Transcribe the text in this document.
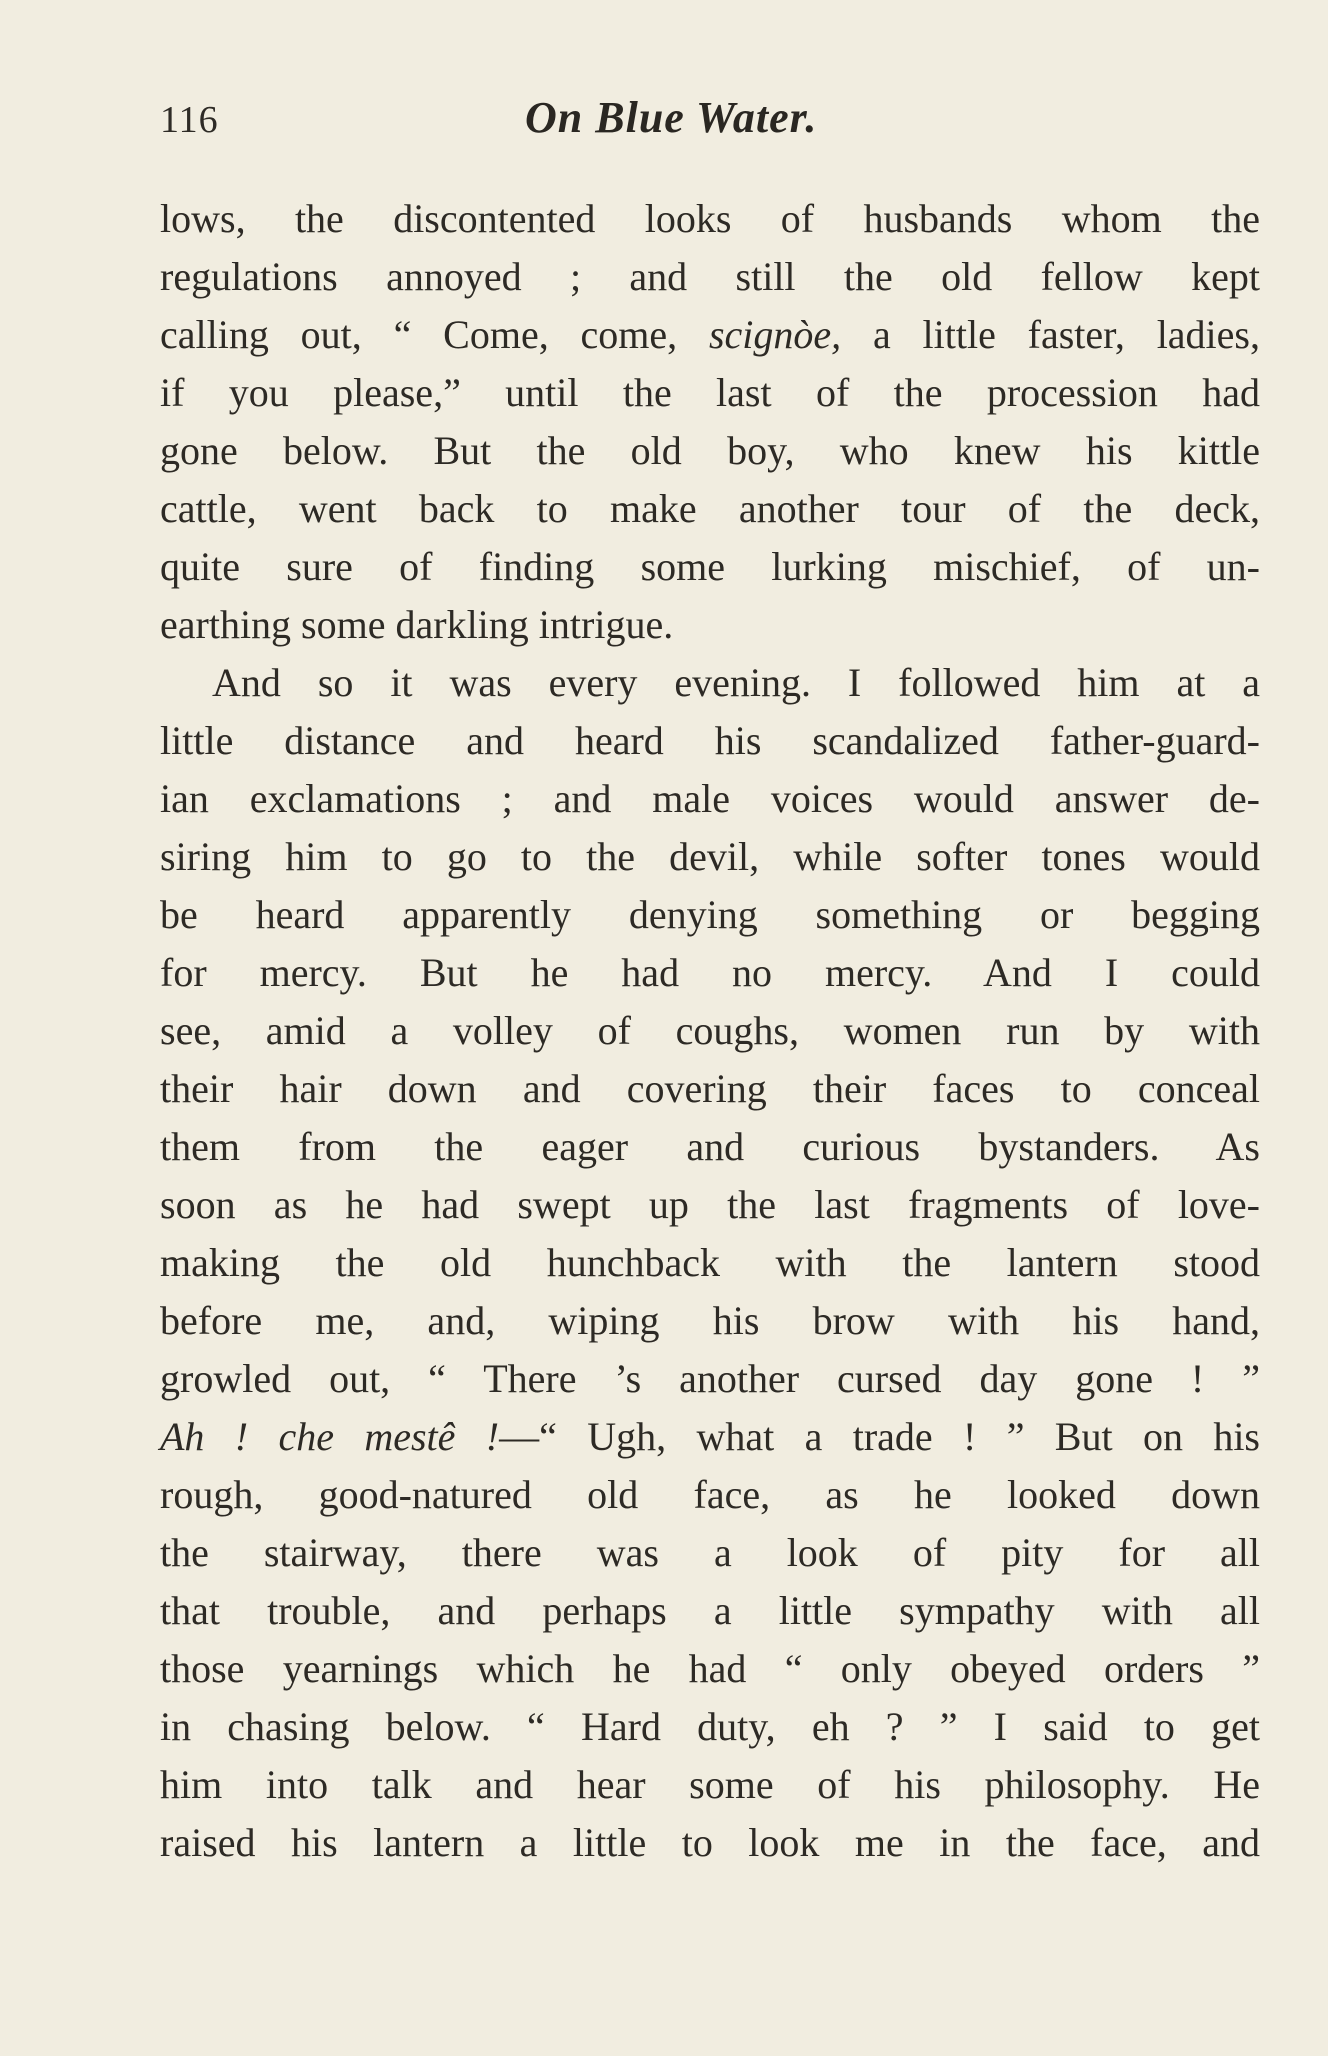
116	On Blue Water.
lows, the discontented looks of husbands whom the
regulations annoyed ; and still the old fellow kept
calling out, “ Come, come, scignòe, a little faster, ladies,
if you please,” until the last of the procession had
gone below. But the old boy, who knew his kittle
cattle, went back to make another tour of the deck,
quite sure of finding some lurking mischief, of un-
earthing some darkling intrigue.
And so it was every evening. I followed him at a
little distance and heard his scandalized father-guard-
ian exclamations ; and male voices would answer de-
siring him to go to the devil, while softer tones would
be heard apparently denying something or begging
for mercy. But he had no mercy. And I could
see, amid a volley of coughs, women run by with
their hair down and covering their faces to conceal
them from the eager and curious bystanders. As
soon as he had swept up the last fragments of love-
making the old hunchback with the lantern stood
before me, and, wiping his brow with his hand,
growled out, “ There ’s another cursed day gone ! ”
Ah ! che mestê !—“ Ugh, what a trade ! ” But on his
rough, good-natured old face, as he looked down
the stairway, there was a look of pity for all
that trouble, and perhaps a little sympathy with all
those yearnings which he had “ only obeyed orders ”
in chasing below. “ Hard duty, eh ? ” I said to get
him into talk and hear some of his philosophy. He
raised his lantern a little to look me in the face, and
